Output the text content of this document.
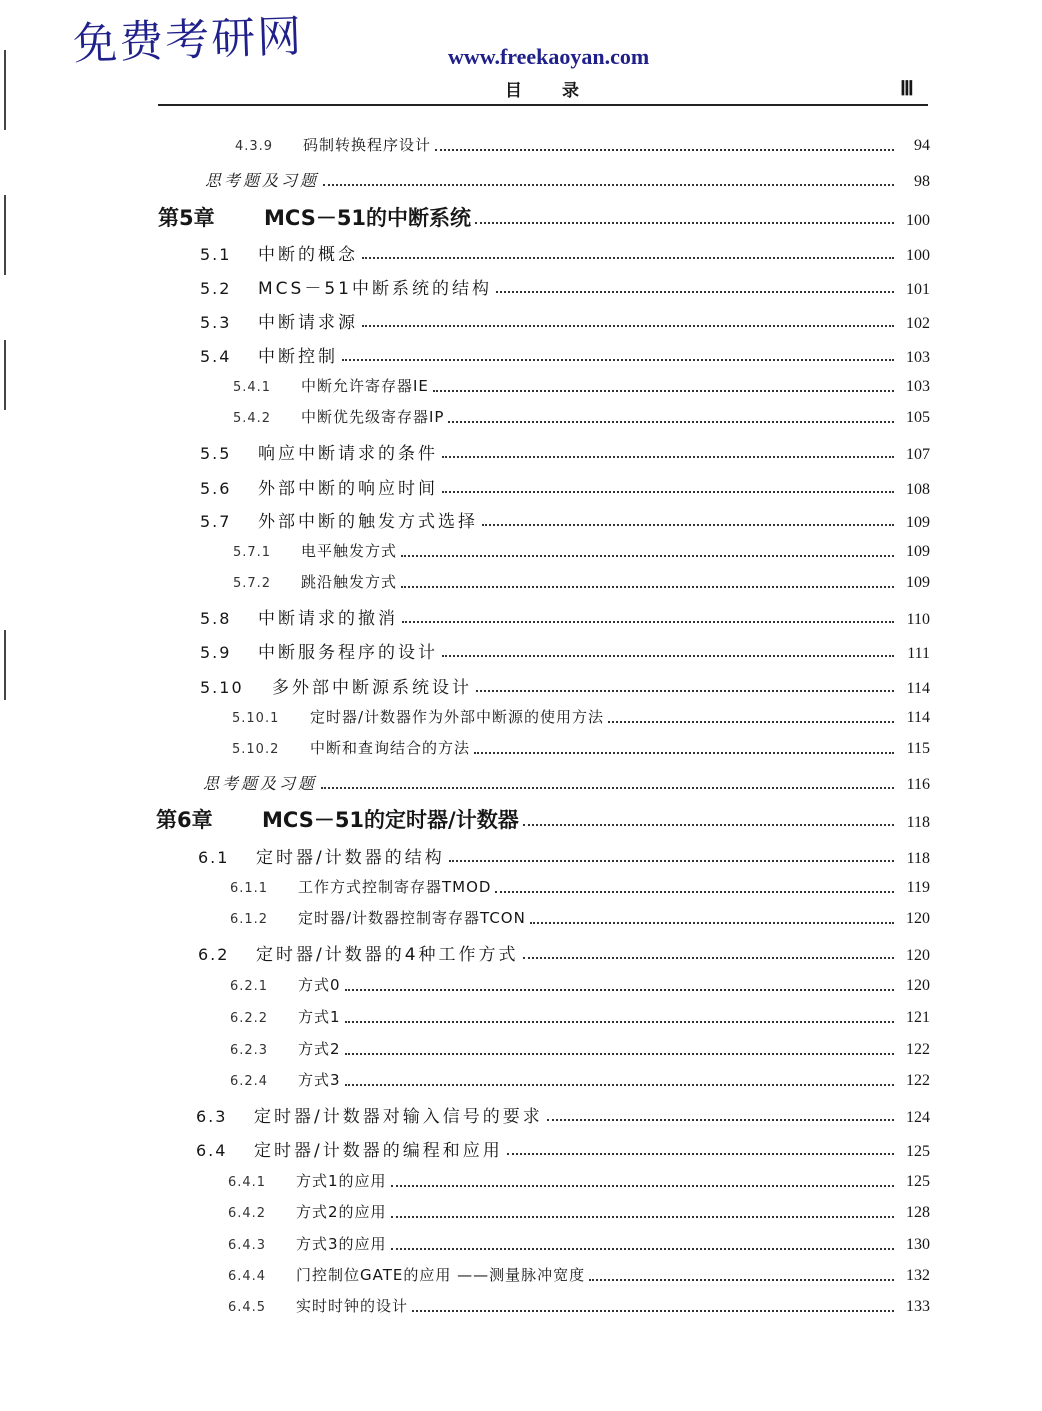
免费考研网	www.freekaoyan.com
目录	Ⅲ
4.3.9	码制转换程序设计	94
思考题及习题	98
第5章	MCS－51的中断系统	100
5.1	中断的概念	100
5.2	MCS－51中断系统的结构	101
5.3	中断请求源	102
5.4	中断控制	103
5.4.1	中断允许寄存器IE	103
5.4.2	中断优先级寄存器IP	105
5.5	响应中断请求的条件	107
5.6	外部中断的响应时间	108
5.7	外部中断的触发方式选择	109
5.7.1	电平触发方式	109
5.7.2	跳沿触发方式	109
5.8	中断请求的撤消	110
5.9	中断服务程序的设计	111
5.10	多外部中断源系统设计	114
5.10.1	定时器/计数器作为外部中断源的使用方法	114
5.10.2	中断和查询结合的方法	115
思考题及习题	116
第6章	MCS－51的定时器/计数器	118
6.1	定时器/计数器的结构	118
6.1.1	工作方式控制寄存器TMOD	119
6.1.2	定时器/计数器控制寄存器TCON	120
6.2	定时器/计数器的4种工作方式	120
6.2.1	方式0	120
6.2.2	方式1	121
6.2.3	方式2	122
6.2.4	方式3	122
6.3	定时器/计数器对输入信号的要求	124
6.4	定时器/计数器的编程和应用	125
6.4.1	方式1的应用	125
6.4.2	方式2的应用	128
6.4.3	方式3的应用	130
6.4.4	门控制位GATE的应用 ——测量脉冲宽度	132
6.4.5	实时时钟的设计	133
